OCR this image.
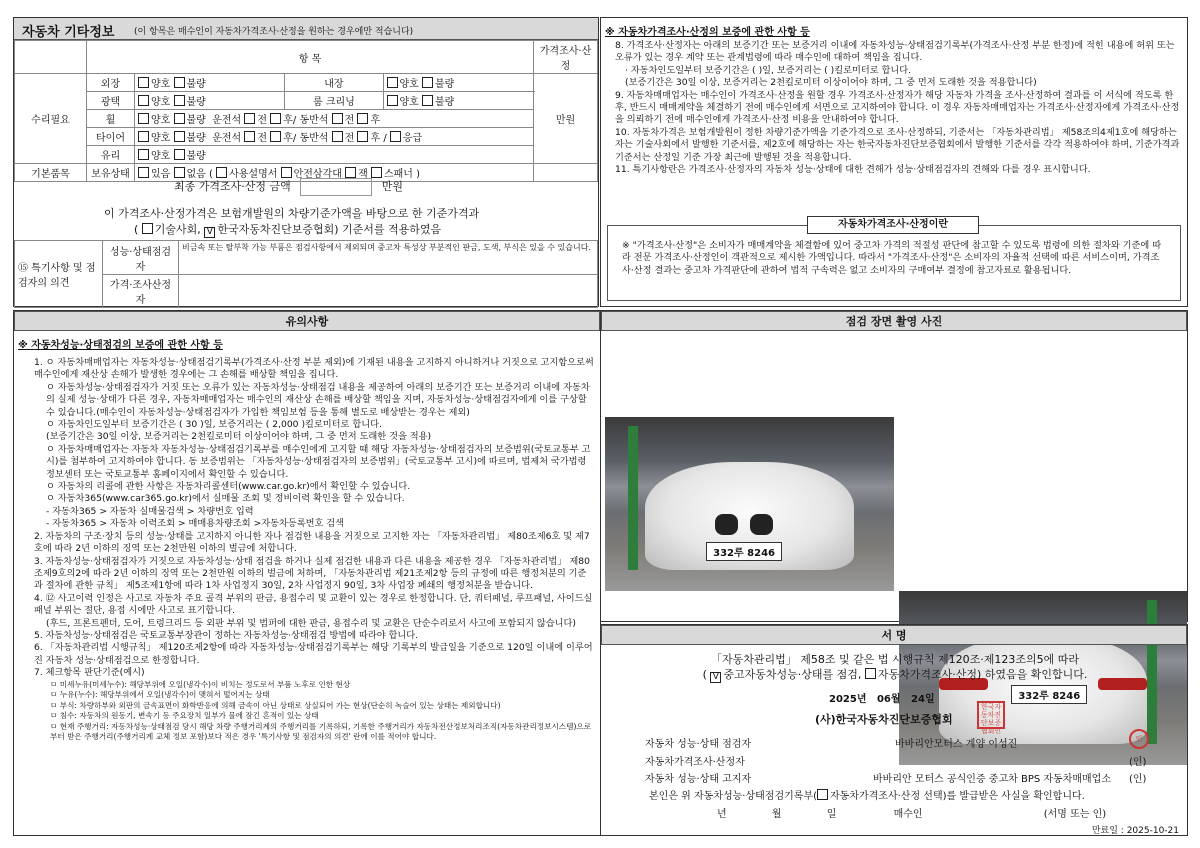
자동차 기타정보 (이 항목은 매수인이 자동차가격조사·산정을 원하는 경우에만 적습니다)
	항 목				가격조사·산정
수리필요	외장	양호 불량	내장	양호 불량	만원
	광택	양호 불량	룸 크리닝	양호 불량	
	휠	양호 불량 운전석 전 후/ 동반석 전 후			
	타이어	양호 불량 운전석 전 후/ 동반석 전 후 / 응급			
	유리	양호 불량			
기본품목	보유상태	있음 없음 ( 사용설명서 안전삼각대 잭 스패너 )			
최종 가격조사·산정 금액	만원
이 가격조사·산정가격은 보험개발원의 차량기준가액을 바탕으로 한 기준가격과
( 기술사회, V 한국자동차진단보증협회) 기준서를 적용하였음
⑮ 특기사항 및 점검자의 의견	성능·상태점검자	비금속 또는 탈부착 가능 부품은 점검사항에서 제외되며 중고차 특성상 부분적인 판금, 도색, 부식은 있을 수 있습니다.
	가격·조사산정자	
※ 자동차가격조사·산정의 보증에 관한 사항 등

8. 가격조사·산정자는 아래의 보증기간 또는 보증거리 이내에 자동차성능·상태점검기록부(가격조사·산정 부분 한정)에 적힌 내용에 허위 또는 오류가 있는 경우 계약 또는 관계법령에 따라 매수인에 대하여 책임을 집니다.

· 자동차인도일부터 보증기간은 ( )일, 보증거리는 ( )킬로미터로 합니다.

(보증기간은 30일 이상, 보증거리는 2천킬로미터 이상이어야 하며, 그 중 먼저 도래한 것을 적용합니다)

9. 자동차매매업자는 매수인이 가격조사·산정을 원할 경우 가격조사·산정자가 해당 자동차 가격을 조사·산정하여 결과를 이 서식에 적도록 한 후, 반드시 매매계약을 체결하기 전에 매수인에게 서면으로 고지하여야 합니다. 이 경우 자동차매매업자는 가격조사·산정자에게 가격조사·산정을 의뢰하기 전에 매수인에게 가격조사·산정 비용을 안내하여야 합니다.

10. 자동차가격은 보험개발원이 정한 차량기준가액을 기준가격으로 조사·산정하되, 기준서는 「자동차관리법」 제58조의4제1호에 해당하는 자는 기술사회에서 발행한 기준서를, 제2호에 해당하는 자는 한국자동차진단보증협회에서 발행한 기준서를 각각 적용하여야 하며, 기준가격과 기준서는 산정일 기준 가장 최근에 발행된 것을 적용합니다.

11. 특기사항란은 가격조사·산정자의 자동차 성능·상태에 대한 견해가 성능·상태점검자의 견해와 다를 경우 표시합니다.

자동차가격조사·산정이란

※ "가격조사·산정"은 소비자가 매매계약을 체결함에 있어 중고차 가격의 적절성 판단에 참고할 수 있도록 법령에 의한 절차와 기준에 따라 전문 가격조사·산정인이 객관적으로 제시한 가액입니다. 따라서 "가격조사·산정"은 소비자의 자율적 선택에 따른 서비스이며, 가격조사·산정 결과는 중고차 가격판단에 관하여 법적 구속력은 없고 소비자의 구매여부 결정에 참고자료로 활용됩니다.

유의사항
※ 자동차성능·상태점검의 보증에 관한 사항 등

1. ㅇ 자동차매매업자는 자동차성능·상태점검기록부(가격조사·산정 부분 제외)에 기재된 내용을 고지하지 아니하거나 거짓으로 고지함으로써 매수인에게 재산상 손해가 발생한 경우에는 그 손해를 배상할 책임을 집니다.

ㅇ 자동차성능·상태점검자가 거짓 또는 오류가 있는 자동차성능·상태점검 내용을 제공하여 아래의 보증기간 또는 보증거리 이내에 자동차의 실제 성능·상태가 다른 경우, 자동차매매업자는 매수인의 재산상 손해를 배상할 책임을 지며, 자동차성능·상태점검자에게 이를 구상할 수 있습니다.(매수인이 자동차성능·상태점검자가 가입한 책임보험 등을 통해 별도로 배상받는 경우는 제외)

ㅇ 자동차인도일부터 보증기간은 ( 30 )일, 보증거리는 ( 2,000 )킬로미터로 합니다.

(보증기간은 30일 이상, 보증거리는 2천킬로미터 이상이어야 하며, 그 중 먼저 도래한 것을 적용)

ㅇ 자동차매매업자는 자동차 자동차성능·상태점검기록부를 매수인에게 고지할 때 해당 자동차성능·상태점검자의 보증범위(국토교통부 고시)를 첨부하여 고지하여야 합니다. 동 보증범위는 「자동차성능·상태점검자의 보증범위」(국토교통부 고시)에 따르며, 법제처 국가법령정보센터 또는 국토교통부 홈페이지에서 확인할 수 있습니다.

ㅇ 자동차의 리콜에 관한 사항은 자동차리콜센터(www.car.go.kr)에서 확인할 수 있습니다.

ㅇ 자동차365(www.car365.go.kr)에서 실매물 조회 및 정비이력 확인을 할 수 있습니다.

- 자동차365 > 자동차 실매물검색 > 차량번호 입력

- 자동차365 > 자동차 이력조회 > 매매용차량조회 >자동차등록번호 검색

2. 자동차의 구조·장치 등의 성능·상태를 고지하지 아니한 자나 점검한 내용을 거짓으로 고지한 자는 「자동차관리법」 제80조제6호 및 제7호에 따라 2년 이하의 징역 또는 2천만원 이하의 벌금에 처합니다.

3. 자동차성능·상태점검자가 거짓으로 자동차성능·상태 점검을 하거나 실제 점검한 내용과 다른 내용을 제공한 경우 「자동차관리법」 제80조제9호의2에 따라 2년 이하의 징역 또는 2천만원 이하의 벌금에 처하며, 「자동차관리법 제21조제2항 등의 규정에 따른 행정처분의 기준과 절차에 관한 규칙」 제5조제1항에 따라 1차 사업정지 30일, 2차 사업정지 90일, 3차 사업장 폐쇄의 행정처분을 받습니다.

4. ⑫ 사고이력 인정은 사고로 자동차 주요 골격 부위의 판금, 용접수리 및 교환이 있는 경우로 한정합니다. 단, 쿼터패널, 루프패널, 사이드실패널 부위는 절단, 용접 시에만 사고로 표기합니다.

(후드, 프론트펜더, 도어, 트렁크리드 등 외판 부위 및 범퍼에 대한 판금, 용접수리 및 교환은 단순수리로서 사고에 포함되지 않습니다)

5. 자동차성능·상태점검은 국토교통부장관이 정하는 자동차성능·상태점검 방법에 따라야 합니다.

6. 「자동차관리법 시행규칙」 제120조제2항에 따라 자동차성능·상태점검기록부는 해당 기록부의 발급일을 기준으로 120일 이내에 이루어진 자동차 성능·상태점검으로 한정합니다.

7. 체크항목 판단기준(예시)

ㅁ 미세누유(미세누수): 해당부위에 오일(냉각수)이 비치는 정도로서 부품 노후로 인한 현상

ㅁ 누유(누수): 해당부위에서 오일(냉각수)이 맺혀서 떨어지는 상태

ㅁ 부식: 차량하부와 외판의 금속표면이 화학반응에 의해 금속이 아닌 상태로 상실되어 가는 현상(단순히 녹슬어 있는 상태는 제외합니다)

ㅁ 침수: 자동차의 원동기, 변속기 등 주요장치 일부가 물에 잠긴 흔적이 있는 상태

ㅁ 현재 주행거리: 자동차성능·상태점검 당시 해당 차량 주행거리계의 주행거리를 기록하되, 기록한 주행거리가 자동차전산정보처리조직(자동차관리정보시스템)으로부터 받은 주행거리(주행거리계 교체 정보 포함)보다 적은 경우 '특기사항 및 점검자의 의견' 란에 이를 적어야 합니다.

점검 장면 촬영 사진
332루 8246
332루 8246
서 명
「자동차관리법」 제58조 및 같은 법 시행규칙 제120조·제123조의5에 따라
( V 중고자동차성능·상태를 점검, 자동차가격조사·산정) 하였음을 확인합니다.
2025년 06월 24일
(사)한국자동차진단보증협회
한국자동차진단보증협회인
자동차 성능·상태 점검자	바바리안모터스 계양 이성진	인
자동차가격조사·산정자	(인)
자동차 성능·상태 고지자	바바리안 모터스 공식인증 중고차 BPS 자동차매매업소 (인)
본인은 위 자동차성능·상태점검기록부( 자동차가격조사·산정 선택)를 발급받은 사실을 확인합니다.
년	월	일	매수인	(서명 또는 인)
만료일 : 2025-10-21
